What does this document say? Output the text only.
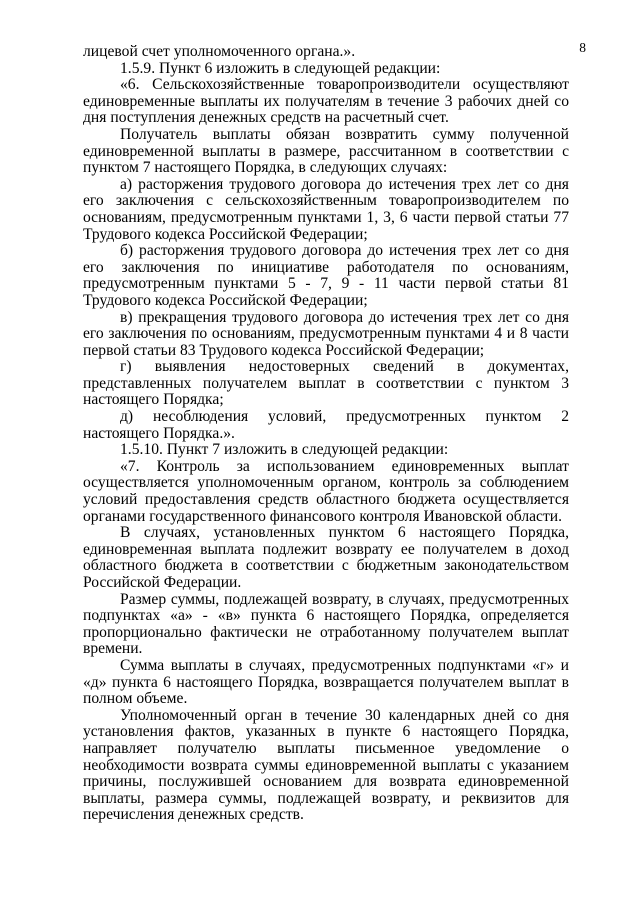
8

лицевой счет уполномоченного органа.».

1.5.9. Пункт 6 изложить в следующей редакции:

«6. Сельскохозяйственные товаропроизводители осуществляют единовременные выплаты их получателям в течение 3 рабочих дней со дня поступления денежных средств на расчетный счет.

Получатель выплаты обязан возвратить сумму полученной единовременной выплаты в размере, рассчитанном в соответствии с пунктом 7 настоящего Порядка, в следующих случаях:

а) расторжения трудового договора до истечения трех лет со дня его заключения с сельскохозяйственным товаропроизводителем по основаниям, предусмотренным пунктами 1, 3, 6 части первой статьи 77 Трудового кодекса Российской Федерации;

б) расторжения трудового договора до истечения трех лет со дня его заключения по инициативе работодателя по основаниям, предусмотренным пунктами 5 - 7, 9 - 11 части первой статьи 81 Трудового кодекса Российской Федерации;

в) прекращения трудового договора до истечения трех лет со дня его заключения по основаниям, предусмотренным пунктами 4 и 8 части первой статьи 83 Трудового кодекса Российской Федерации;

г) выявления недостоверных сведений в документах, представленных получателем выплат в соответствии с пунктом 3 настоящего Порядка;

д) несоблюдения условий, предусмотренных пунктом 2 настоящего Порядка.».

1.5.10. Пункт 7 изложить в следующей редакции:

«7. Контроль за использованием единовременных выплат осуществляется уполномоченным органом, контроль за соблюдением условий предоставления средств областного бюджета осуществляется органами государственного финансового контроля Ивановской области.

В случаях, установленных пунктом 6 настоящего Порядка, единовременная выплата подлежит возврату ее получателем в доход областного бюджета в соответствии с бюджетным законодательством Российской Федерации.

Размер суммы, подлежащей возврату, в случаях, предусмотренных подпунктах «а» - «в» пункта 6 настоящего Порядка, определяется пропорционально фактически не отработанному получателем выплат времени.

Сумма выплаты в случаях, предусмотренных подпунктами «г» и «д» пункта 6 настоящего Порядка, возвращается получателем выплат в полном объеме.

Уполномоченный орган в течение 30 календарных дней со дня установления фактов, указанных в пункте 6 настоящего Порядка, направляет получателю выплаты письменное уведомление о необходимости возврата суммы единовременной выплаты с указанием причины, послужившей основанием для возврата единовременной выплаты, размера суммы, подлежащей возврату, и реквизитов для перечисления денежных средств.
